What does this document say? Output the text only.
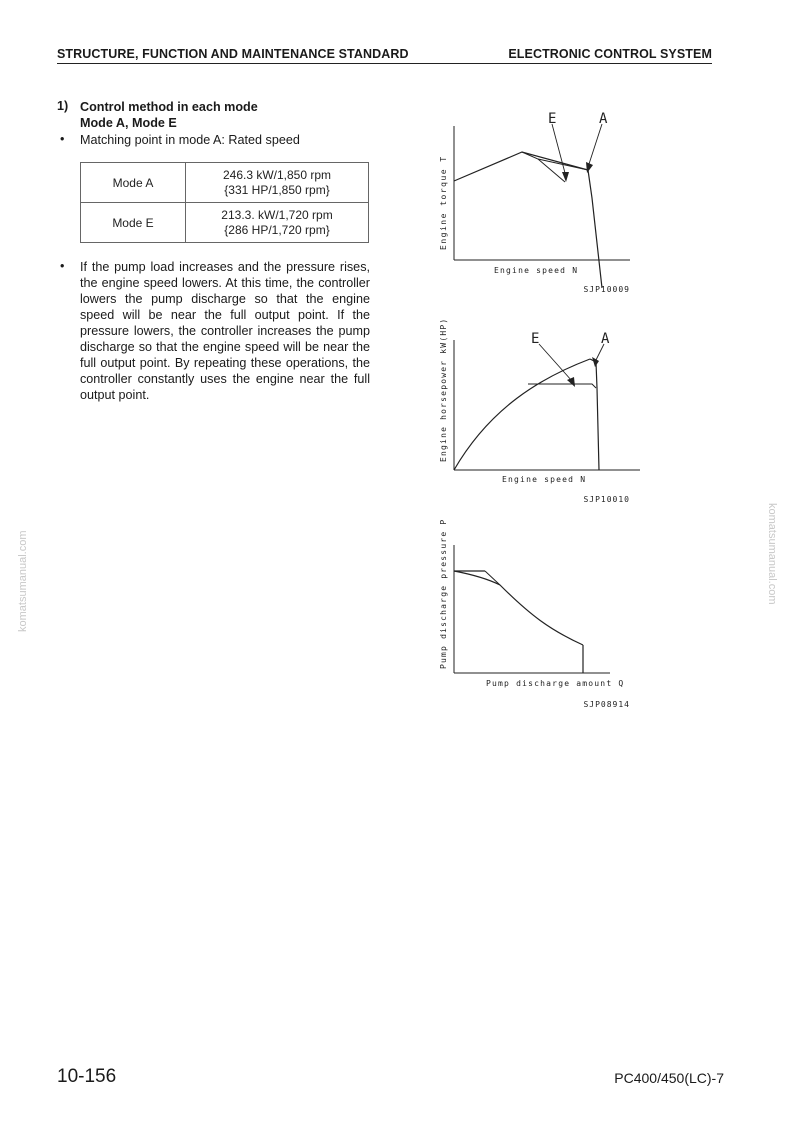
STRUCTURE, FUNCTION AND MAINTENANCE STANDARD	ELECTRONIC CONTROL SYSTEM
1) Control method in each mode
Mode A, Mode E
• Matching point in mode A: Rated speed
Mode A	246.3 kW/1,850 rpm
{331 HP/1,850 rpm}

Mode E	213.3. kW/1,720 rpm
{286 HP/1,720 rpm}
• If the pump load increases and the pressure rises, the engine speed lowers. At this time, the controller lowers the pump discharge so that the engine speed will be near the full output point. If the pressure lowers, the controller increases the pump discharge so that the engine speed will be near the full output point. By repeating these operations, the controller constantly uses the engine near the full output point.
E	A
Engine torque T
Engine speed N
SJP10009
E	A
Engine horsepower kW(HP)
Engine speed N
SJP10010
Pump discharge pressure P
Pump discharge amount Q
SJP08914
komatsumanual.com	komatsumanual.com
10-156	PC400/450(LC)-7
